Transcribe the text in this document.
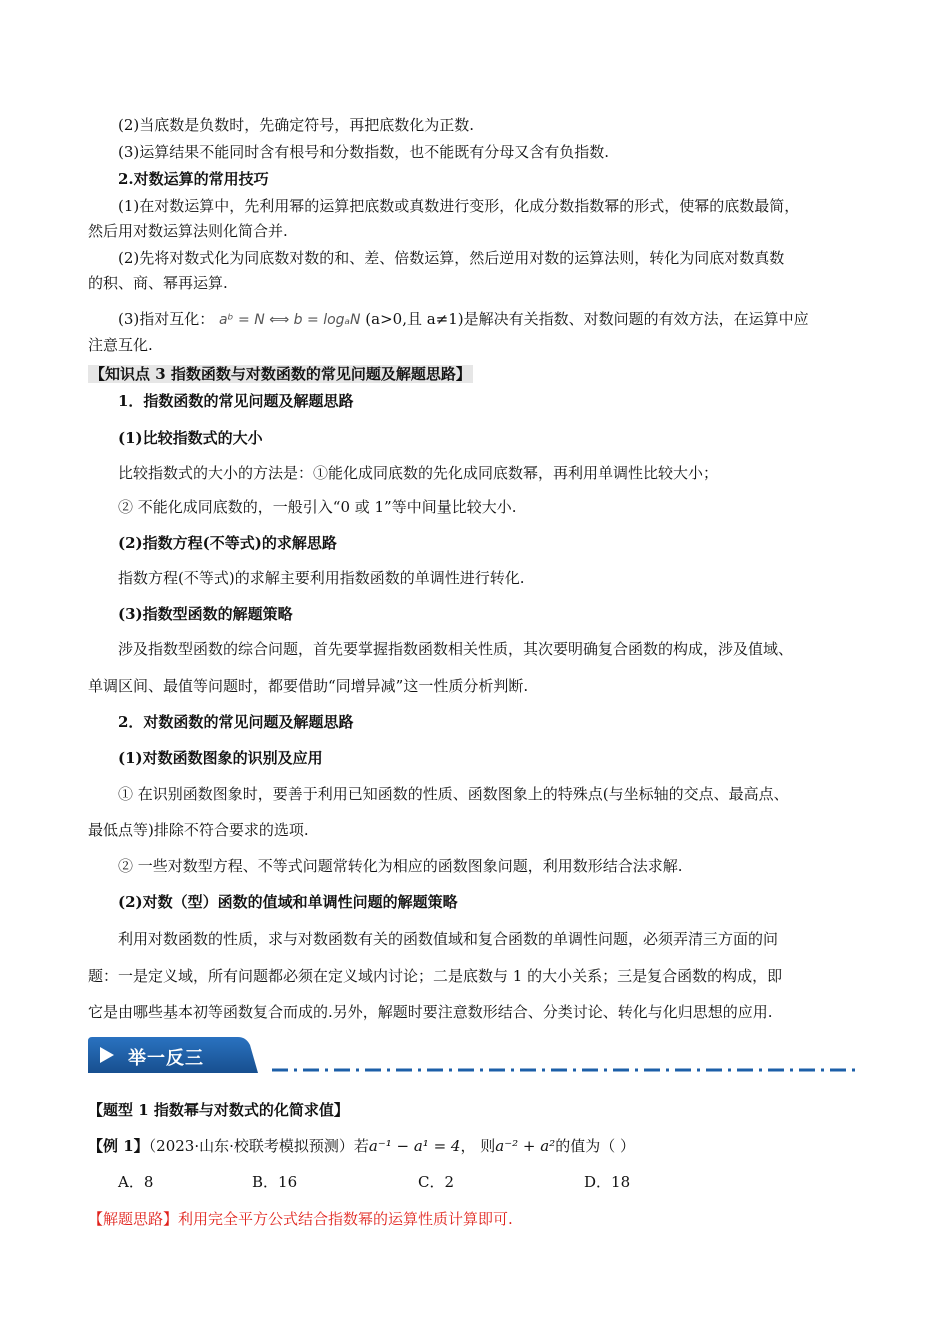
(2)当底数是负数时，先确定符号，再把底数化为正数.
(3)运算结果不能同时含有根号和分数指数，也不能既有分母又含有负指数.
2.对数运算的常用技巧
(1)在对数运算中，先利用幂的运算把底数或真数进行变形，化成分数指数幂的形式，使幂的底数最简，
然后用对数运算法则化简合并.
(2)先将对数式化为同底数对数的和、差、倍数运算，然后逆用对数的运算法则，转化为同底对数真数
的积、商、幂再运算.
(3)指对互化： aᵇ = N ⟺ b = logₐN (a>0,且 a≠1)是解决有关指数、对数问题的有效方法，在运算中应
注意互化.
【知识点 3 指数函数与对数函数的常见问题及解题思路】
1．指数函数的常见问题及解题思路
(1)比较指数式的大小
比较指数式的大小的方法是：①能化成同底数的先化成同底数幂，再利用单调性比较大小；
② 不能化成同底数的，一般引入“0 或 1”等中间量比较大小.
(2)指数方程(不等式)的求解思路
指数方程(不等式)的求解主要利用指数函数的单调性进行转化.
(3)指数型函数的解题策略
涉及指数型函数的综合问题，首先要掌握指数函数相关性质，其次要明确复合函数的构成，涉及值域、
单调区间、最值等问题时，都要借助“同增异减”这一性质分析判断.
2．对数函数的常见问题及解题思路
(1)对数函数图象的识别及应用
① 在识别函数图象时，要善于利用已知函数的性质、函数图象上的特殊点(与坐标轴的交点、最高点、
最低点等)排除不符合要求的选项.
② 一些对数型方程、不等式问题常转化为相应的函数图象问题，利用数形结合法求解.
(2)对数（型）函数的值域和单调性问题的解题策略
利用对数函数的性质，求与对数函数有关的函数值域和复合函数的单调性问题，必须弄清三方面的问
题：一是定义域，所有问题都必须在定义域内讨论；二是底数与 1 的大小关系；三是复合函数的构成，即
它是由哪些基本初等函数复合而成的.另外，解题时要注意数形结合、分类讨论、转化与化归思想的应用.
举一反三
【题型 1 指数幂与对数式的化简求值】
【例 1】（2023·山东·校联考模拟预测）若a⁻¹ − a¹ = 4， 则a⁻² + a²的值为（ ）
A．8	B．16	C．2	D．18
【解题思路】利用完全平方公式结合指数幂的运算性质计算即可.
